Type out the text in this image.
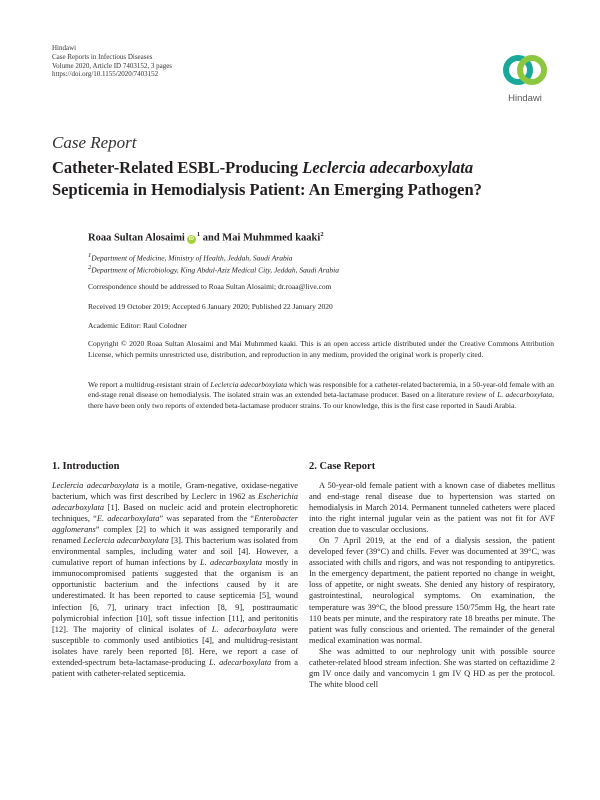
Hindawi
Case Reports in Infectious Diseases
Volume 2020, Article ID 7403152, 3 pages
https://doi.org/10.1155/2020/7403152
Hindawi
Case Report
Catheter-Related ESBL-Producing Leclercia adecarboxylata
Septicemia in Hemodialysis Patient: An Emerging Pathogen?
Roaa Sultan Alosaimi $iD^1$ and Mai Muhmmed kaaki$^2$
$^1$Department of Medicine, Ministry of Health, Jeddah, Saudi Arabia
$^2$Department of Microbiology, King Abdul-Aziz Medical City, Jeddah, Saudi Arabia
Correspondence should be addressed to Roaa Sultan Alosaimi; dr.roaa@live.com
Received 19 October 2019; Accepted 6 January 2020; Published 22 January 2020
Academic Editor: Raul Colodner
Copyright © 2020 Roaa Sultan Alosaimi and Mai Muhmmed kaaki. This is an open access article distributed under the Creative Commons Attribution License, which permits unrestricted use, distribution, and reproduction in any medium, provided the original work is properly cited.
We report a multidrug-resistant strain of Leclercia adecarboxylata which was responsible for a catheter-related bacteremia, in a 50-year-old female with an end-stage renal disease on hemodialysis. The isolated strain was an extended beta-lactamase producer. Based on a literature review of L. adecarboxylata, there have been only two reports of extended beta-lactamase producer strains. To our knowledge, this is the first case reported in Saudi Arabia.
1. Introduction

Leclercia adecarboxylata is a motile, Gram-negative, oxidase-negative bacterium, which was first described by Leclerc in 1962 as Escherichia adecarboxylata [1]. Based on nucleic acid and protein electrophoretic techniques, “E. adecarboxylata” was separated from the “Enterobacter agglomerans” complex [2] to which it was assigned temporarily and renamed Leclercia adecarboxylata [3]. This bacterium was isolated from environmental samples, including water and soil [4]. However, a cumulative report of human infections by L. adecarboxylata mostly in immunocompromised patients suggested that the organism is an opportunistic bacterium and the infections caused by it are underestimated. It has been reported to cause septicemia [5], wound infection [6, 7], urinary tract infection [8, 9], posttraumatic polymicrobial infection [10], soft tissue infection [11], and peritonitis [12]. The majority of clinical isolates of L. adecarboxylata were susceptible to commonly used antibiotics [4], and multidrug-resistant isolates have rarely been reported [8]. Here, we report a case of extended-spectrum beta-lactamase-producing L. adecarboxylata from a patient with catheter-related septicemia.

2. Case Report

A 50-year-old female patient with a known case of diabetes mellitus and end-stage renal disease due to hypertension was started on hemodialysis in March 2014. Permanent tunneled catheters were placed into the right internal jugular vein as the patient was not fit for AVF creation due to vascular occlusions.

On 7 April 2019, at the end of a dialysis session, the patient developed fever (39°C) and chills. Fever was documented at 39°C, was associated with chills and rigors, and was not responding to antipyretics. In the emergency department, the patient reported no change in weight, loss of appetite, or night sweats. She denied any history of respiratory, gastrointestinal, neurological symptoms. On examination, the temperature was 39°C, the blood pressure 150/75mm Hg, the heart rate 110 beats per minute, and the respiratory rate 18 breaths per minute. The patient was fully conscious and oriented. The remainder of the general medical examination was normal.

She was admitted to our nephrology unit with possible source catheter-related blood stream infection. She was started on ceftazidime 2 gm IV once daily and vancomycin 1 gm IV Q HD as per the protocol. The white blood cell
